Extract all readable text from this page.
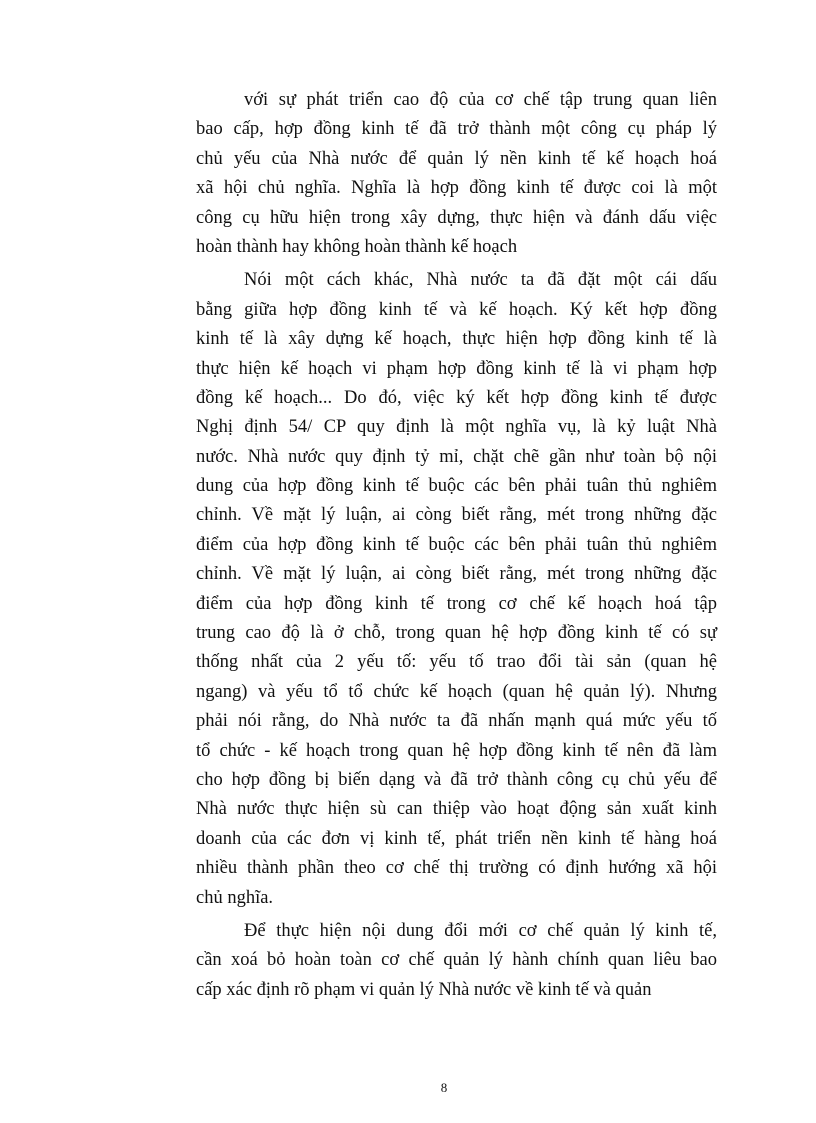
với sự phát triển cao độ của cơ chế tập trung quan liên
bao cấp, hợp đồng kinh tế đã trở thành một công cụ pháp lý
chủ yếu của Nhà nước để quản lý nền kinh tế kế hoạch hoá
xã hội chủ nghĩa. Nghĩa là hợp đồng kinh tế được coi là một
công cụ hữu hiện trong xây dựng, thực hiện và đánh dấu việc
hoàn thành hay không hoàn thành kế hoạch
Nói một cách khác, Nhà nước ta đã đặt một cái dấu
bằng giữa hợp đồng kinh tế và kế hoạch. Ký kết hợp đồng
kinh tế là xây dựng kế hoạch, thực hiện hợp đồng kinh tế là
thực hiện kế hoạch vi phạm hợp đồng kinh tế là vi phạm hợp
đồng kế hoạch... Do đó, việc ký kết hợp đồng kinh tế được
Nghị định 54/ CP quy định là một nghĩa vụ, là kỷ luật Nhà
nước. Nhà nước quy định tỷ mỉ, chặt chẽ gần như toàn bộ nội
dung của hợp đồng kinh tế buộc các bên phải tuân thủ nghiêm
chỉnh. Về mặt lý luận, ai còng biết rằng, mét trong những đặc
điểm của hợp đồng kinh tế buộc các bên phải tuân thủ nghiêm
chỉnh. Về mặt lý luận, ai còng biết rằng, mét trong những đặc
điểm của hợp đồng kinh tế trong cơ chế kế hoạch hoá tập
trung cao độ là ở chỗ, trong quan hệ hợp đồng kinh tế có sự
thống nhất của 2 yếu tố: yếu tố trao đổi tài sản (quan hệ
ngang) và yếu tổ tổ chức kế hoạch (quan hệ quản lý). Nhưng
phải nói rằng, do Nhà nước ta đã nhấn mạnh quá mức yếu tố
tổ chức - kế hoạch trong quan hệ hợp đồng kinh tế nên đã làm
cho hợp đồng bị biến dạng và đã trở thành công cụ chủ yếu để
Nhà nước thực hiện sù can thiệp vào hoạt động sản xuất kinh
doanh của các đơn vị kinh tế, phát triển nền kinh tế hàng hoá
nhiều thành phần theo cơ chế thị trường có định hướng xã hội
chủ nghĩa.
Để thực hiện nội dung đổi mới cơ chế quản lý kinh tế,
cần xoá bỏ hoàn toàn cơ chế quản lý hành chính quan liêu bao
cấp xác định rõ phạm vi quản lý Nhà nước về kinh tế và quản
8
